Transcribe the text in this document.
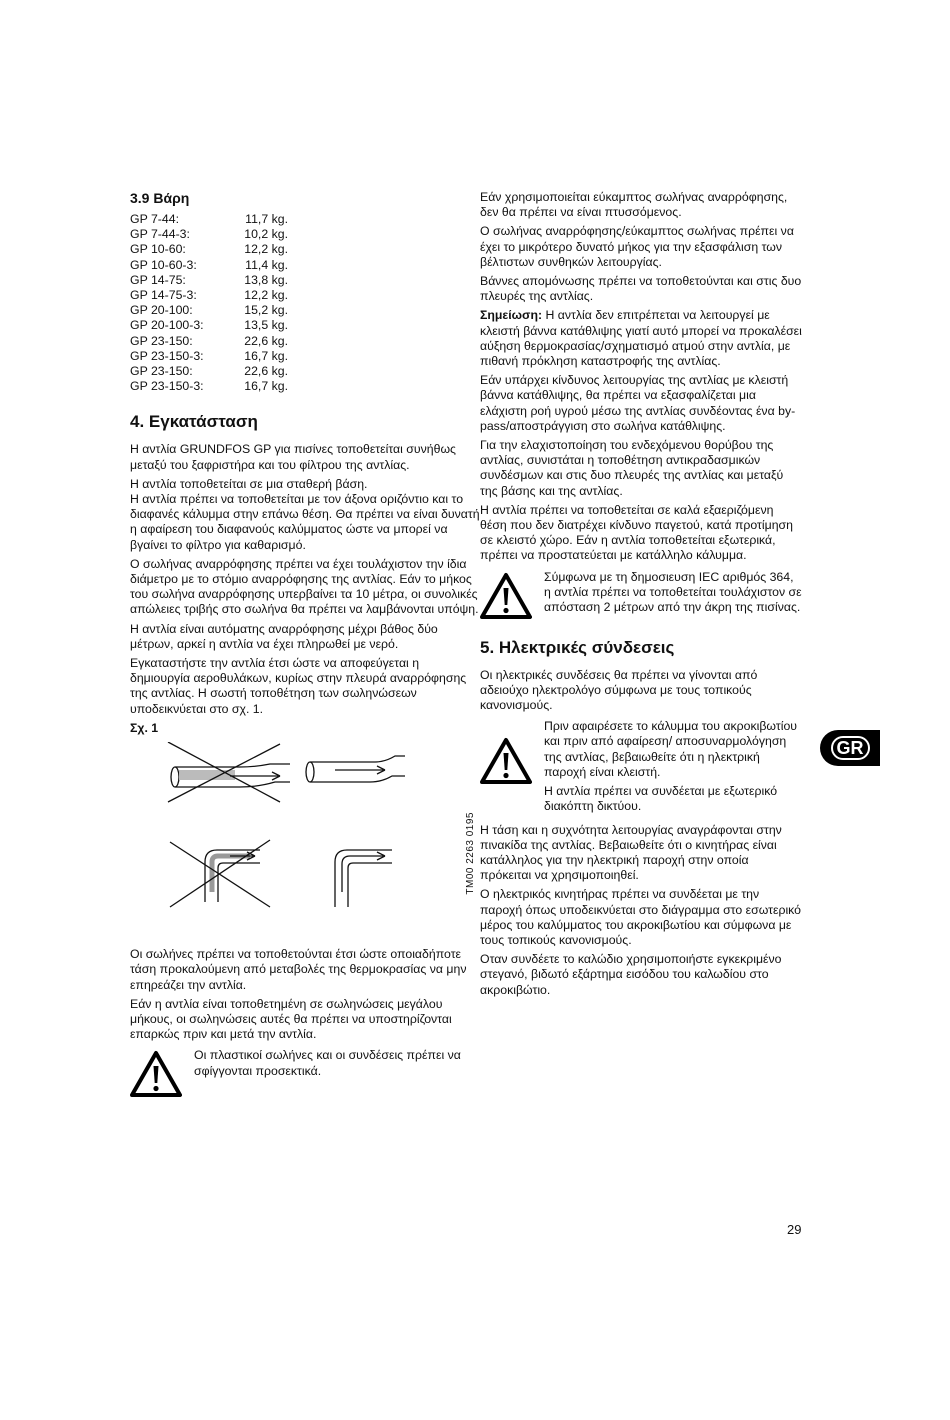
3.9 Βάρη
GP 7-44:	11,7 kg.
GP 7-44-3:	10,2 kg.
GP 10-60:	12,2 kg.
GP 10-60-3:	11,4 kg.
GP 14-75:	13,8 kg.
GP 14-75-3:	12,2 kg.
GP 20-100:	15,2 kg.
GP 20-100-3:	13,5 kg.
GP 23-150:	22,6 kg.
GP 23-150-3:	16,7 kg.
GP 23-150:	22,6 kg.
GP 23-150-3:	16,7 kg.
4. Εγκατάσταση

Η αντλία GRUNDFOS GP για πισίνες τοποθετείται συνήθως μεταξύ του ξαφριστήρα και του φίλτρου της αντλίας.

Η αντλία τοποθετείται σε μια σταθερή βάση.

Η αντλία πρέπει να τοποθετείται με τον άξονα οριζόντιο και το διαφανές κάλυμμα στην επάνω θέση. Θα πρέπει να είναι δυνατή η αφαίρεση του διαφανούς καλύμματος ώστε να μπορεί να βγαίνει το φίλτρο για καθαρισμό.

Ο σωλήνας αναρρόφησης πρέπει να έχει τουλάχιστον την ίδια διάμετρο με το στόμιο αναρρόφησης της αντλίας. Εάν το μήκος του σωλήνα αναρρόφησης υπερβαίνει τα 10 μέτρα, οι συνολικές απώλειες τριβής στο σωλήνα θα πρέπει να λαμβάνονται υπόψη.

Η αντλία είναι αυτόματης αναρρόφησης μέχρι βάθος δύο μέτρων, αρκεί η αντλία να έχει πληρωθεί με νερό.

Εγκαταστήστε την αντλία έτσι ώστε να αποφεύγεται η δημιουργία αεροθυλάκων, κυρίως στην πλευρά αναρρόφησης της αντλίας. Η σωστή τοποθέτηση των σωληνώσεων υποδεικνύεται στο σχ. 1.

Σχ. 1
TM00 2263 0195

Οι σωλήνες πρέπει να τοποθετούνται έτσι ώστε οποιαδήποτε τάση προκαλούμενη από μεταβολές της θερμοκρασίας να μην επηρεάζει την αντλία.

Εάν η αντλία είναι τοποθετημένη σε σωληνώσεις μεγάλου μήκους, οι σωληνώσεις αυτές θα πρέπει να υποστηρίζονται επαρκώς πριν και μετά την αντλία.

Οι πλαστικοί σωλήνες και οι συνδέσεις πρέπει να σφίγγονται προσεκτικά.

Εάν χρησιμοποιείται εύκαμπτος σωλήνας αναρρόφησης, δεν θα πρέπει να είναι πτυσσόμενος.

Ο σωλήνας αναρρόφησης/εύκαμπτος σωλήνας πρέπει να έχει το μικρότερο δυνατό μήκος για την εξασφάλιση των βέλτιστων συνθηκών λειτουργίας.

Βάννες απομόνωσης πρέπει να τοποθετούνται και στις δυο πλευρές της αντλίας.

Σημείωση: Η αντλία δεν επιτρέπεται να λειτουργεί με κλειστή βάννα κατάθλιψης γιατί αυτό μπορεί να προκαλέσει αύξηση θερμοκρασίας/σχηματισμό ατμού στην αντλία, με πιθανή πρόκληση καταστροφής της αντλίας.

Εάν υπάρχει κίνδυνος λειτουργίας της αντλίας με κλειστή βάννα κατάθλιψης, θα πρέπει να εξασφαλίζεται μια ελάχιστη ροή υγρού μέσω της αντλίας συνδέοντας ένα by-pass/αποστράγγιση στο σωλήνα κατάθλιψης.

Για την ελαχιστοποίηση του ενδεχόμενου θορύβου της αντλίας, συνιστάται η τοποθέτηση αντικραδασμικών συνδέσμων και στις δυο πλευρές της αντλίας και μεταξύ της βάσης και της αντλίας.

Η αντλία πρέπει να τοποθετείται σε καλά εξαεριζόμενη θέση που δεν διατρέχει κίνδυνο παγετού, κατά προτίμηση σε κλειστό χώρο. Εάν η αντλία τοποθετείται εξωτερικά, πρέπει να προστατεύεται με κατάλληλο κάλυμμα.

Σύμφωνα με τη δημοσιευση IEC αριθμός 364, η αντλία πρέπει να τοποθετείται τουλάχιστον σε απόσταση 2 μέτρων από την άκρη της πισίνας.
5. Ηλεκτρικές σύνδεσεις

Οι ηλεκτρικές συνδέσεις θα πρέπει να γίνονται από αδειούχο ηλεκτρολόγο σύμφωνα με τους τοπικούς κανονισμούς.

Πριν αφαιρέσετε το κάλυμμα του ακροκιβωτίου και πριν από αφαίρεση/ αποσυναρμολόγηση της αντλίας, βεβαιωθείτε ότι η ηλεκτρική παροχή είναι κλειστή.

Η αντλία πρέπει να συνδέεται με εξωτερικό διακόπτη δικτύου.

Η τάση και η συχνότητα λειτουργίας αναγράφονται στην πινακίδα της αντλίας. Βεβαιωθείτε ότι ο κινητήρας είναι κατάλληλος για την ηλεκτρική παροχή στην οποία πρόκειται να χρησιμοποιηθεί.

Ο ηλεκτρικός κινητήρας πρέπει να συνδέεται με την παροχή όπως υποδεικνύεται στο διάγραμμα στο εσωτερικό μέρος του καλύμματος του ακροκιβωτίου και σύμφωνα με τους τοπικούς κανονισμούς.

Οταν συνδέετε το καλώδιο χρησιμοποιήστε εγκεκριμένο στεγανό, βιδωτό εξάρτημα εισόδου του καλωδίου στο ακροκιβώτιο.

GR
29
